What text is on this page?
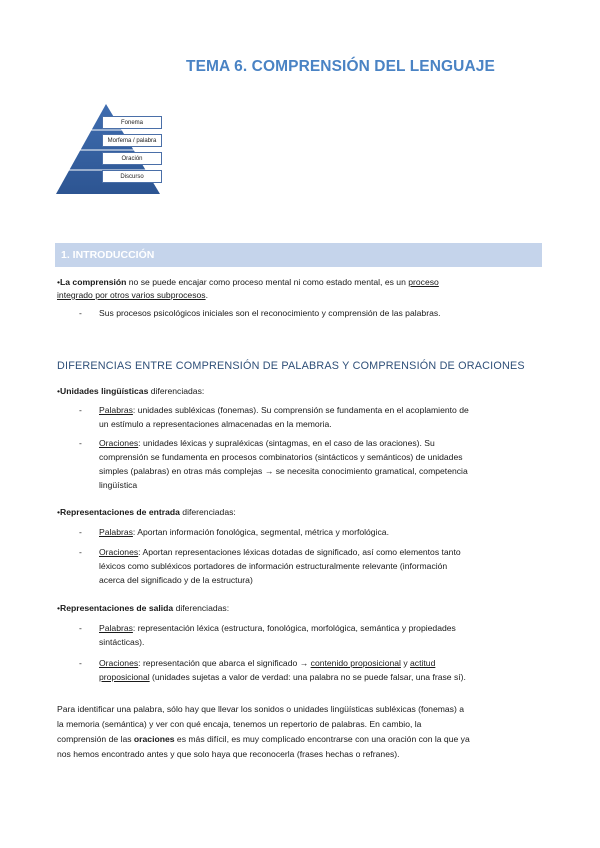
TEMA 6. COMPRENSIÓN DEL LENGUAJE
Fonema
Morfema / palabra
Oración
Discurso
1. INTRODUCCIÓN
•La comprensión no se puede encajar como proceso mental ni como estado mental, es un proceso
integrado por otros varios subprocesos.
- Sus procesos psicológicos iniciales son el reconocimiento y comprensión de las palabras.
DIFERENCIAS ENTRE COMPRENSIÓN DE PALABRAS Y COMPRENSIÓN DE ORACIONES
•Unidades lingüísticas diferenciadas:
- Palabras: unidades subléxicas (fonemas). Su comprensión se fundamenta en el acoplamiento de
un estímulo a representaciones almacenadas en la memoria.
- Oraciones: unidades léxicas y supraléxicas (sintagmas, en el caso de las oraciones). Su
comprensión se fundamenta en procesos combinatorios (sintácticos y semánticos) de unidades
simples (palabras) en otras más complejas → se necesita conocimiento gramatical, competencia
lingüística
•Representaciones de entrada diferenciadas:
- Palabras: Aportan información fonológica, segmental, métrica y morfológica.
- Oraciones: Aportan representaciones léxicas dotadas de significado, así como elementos tanto
léxicos como subléxicos portadores de información estructuralmente relevante (información
acerca del significado y de la estructura)
•Representaciones de salida diferenciadas:
- Palabras: representación léxica (estructura, fonológica, morfológica, semántica y propiedades
sintácticas).
- Oraciones: representación que abarca el significado → contenido proposicional y actitud
proposicional (unidades sujetas a valor de verdad: una palabra no se puede falsar, una frase sí).
Para identificar una palabra, sólo hay que llevar los sonidos o unidades lingüísticas subléxicas (fonemas) a
la memoria (semántica) y ver con qué encaja, tenemos un repertorio de palabras. En cambio, la
comprensión de las oraciones es más difícil, es muy complicado encontrarse con una oración con la que ya
nos hemos encontrado antes y que solo haya que reconocerla (frases hechas o refranes).
